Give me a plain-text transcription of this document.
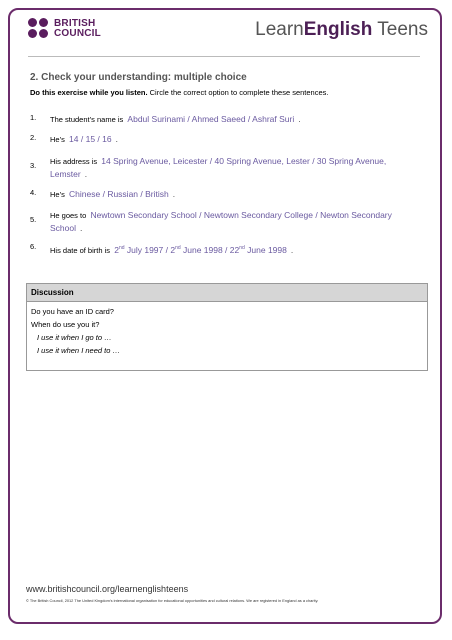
BRITISH
COUNCIL	LearnEnglish Teens
2. Check your understanding: multiple choice
Do this exercise while you listen. Circle the correct option to complete these sentences.
1. The student’s name is Abdul Surinami / Ahmed Saeed / Ashraf Suri .
2. He’s 14 / 15 / 16 .
3. His address is 14 Spring Avenue, Leicester / 40 Spring Avenue, Lester / 30 Spring Avenue, Lemster .
4. He’s Chinese / Russian / British .
5. He goes to Newtown Secondary School / Newtown Secondary College / Newton Secondary School .
6. His date of birth is 2nd July 1997 / 2nd June 1998 / 22nd June 1998 .
Discussion
Do you have an ID card?
When do use you it?
I use it when I go to …
I use it when I need to …
www.britishcouncil.org/learnenglishteens
© The British Council, 2012 The United Kingdom’s international organisation for educational opportunities and cultural relations. We are registered in England as a charity.
